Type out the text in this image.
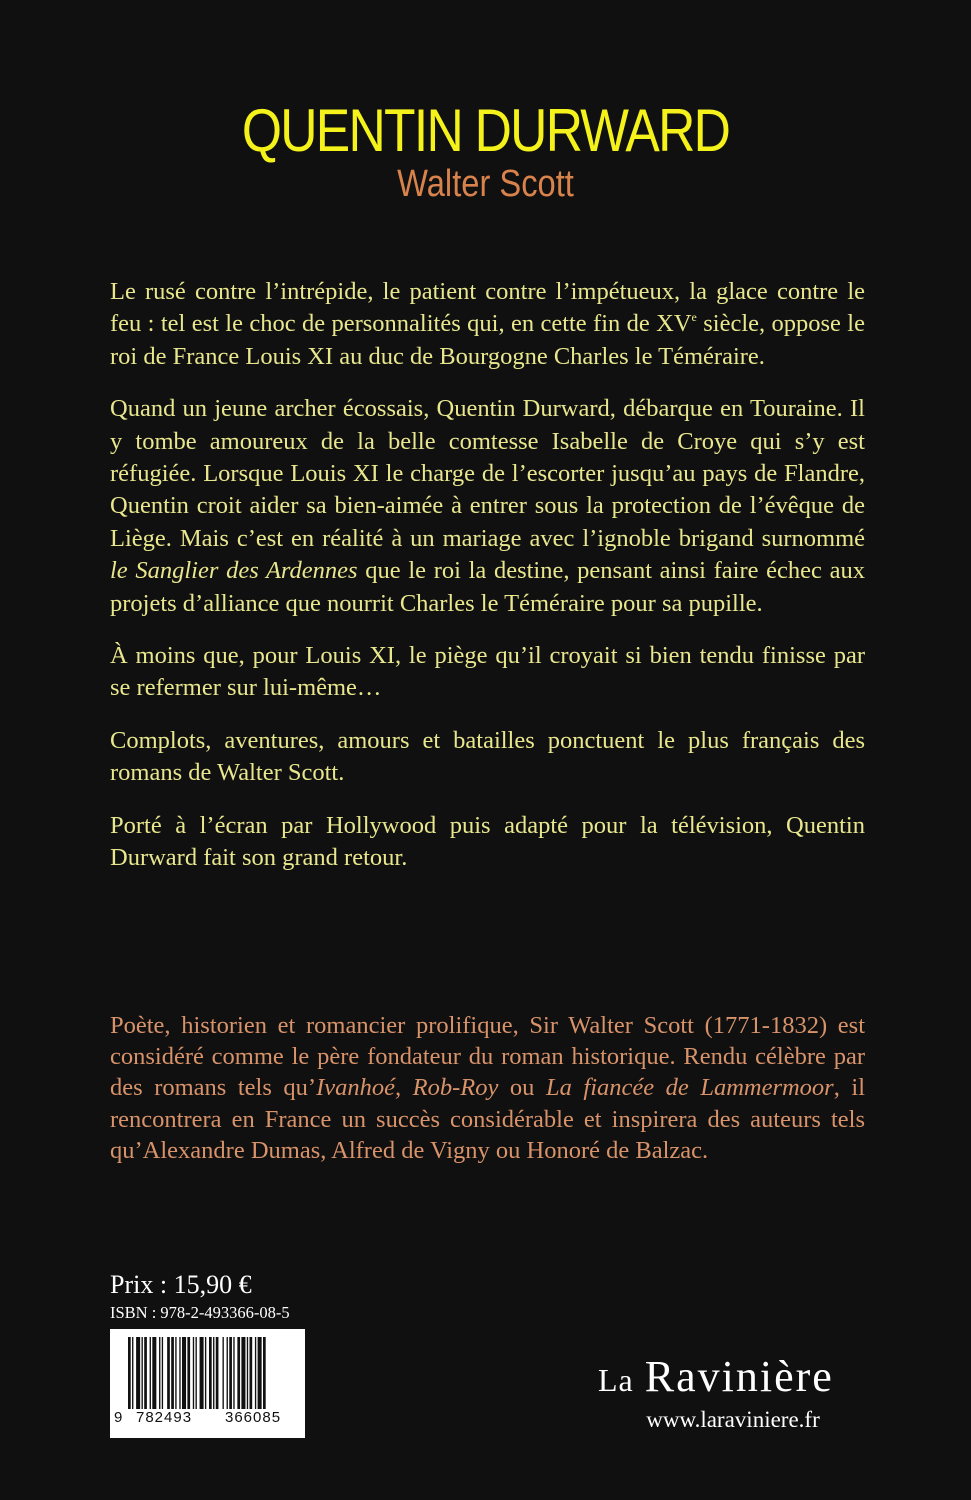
QUENTIN DURWARD
Walter Scott

Le rusé contre l’intrépide, le patient contre l’impétueux, la glace contre le feu : tel est le choc de personnalités qui, en cette fin de XVe siècle, oppose le roi de France Louis XI au duc de Bourgogne Charles le Téméraire.

Quand un jeune archer écossais, Quentin Durward, débarque en Touraine. Il y tombe amoureux de la belle comtesse Isabelle de Croye qui s’y est réfugiée. Lorsque Louis XI le charge de l’escorter jusqu’au pays de Flandre, Quentin croit aider sa bien-aimée à entrer sous la protection de l’évêque de Liège. Mais c’est en réalité à un mariage avec l’ignoble brigand surnommé le Sanglier des Ardennes que le roi la destine, pensant ainsi faire échec aux projets d’alliance que nourrit Charles le Téméraire pour sa pupille.

À moins que, pour Louis XI, le piège qu’il croyait si bien tendu finisse par se refermer sur lui-même…

Complots, aventures, amours et batailles ponctuent le plus français des romans de Walter Scott.

Porté à l’écran par Hollywood puis adapté pour la télévision, Quentin Durward fait son grand retour.

Poète, historien et romancier prolifique, Sir Walter Scott (1771-1832) est considéré comme le père fondateur du roman historique. Rendu célèbre par des romans tels qu’Ivanhoé, Rob-Roy ou La fiancée de Lammermoor, il rencontrera en France un succès considérable et inspirera des auteurs tels qu’Alexandre Dumas, Alfred de Vigny ou Honoré de Balzac.

Prix : 15,90 €
ISBN : 978-2-493366-08-5
9 782493 366085
La Ravinière
www.laraviniere.fr
